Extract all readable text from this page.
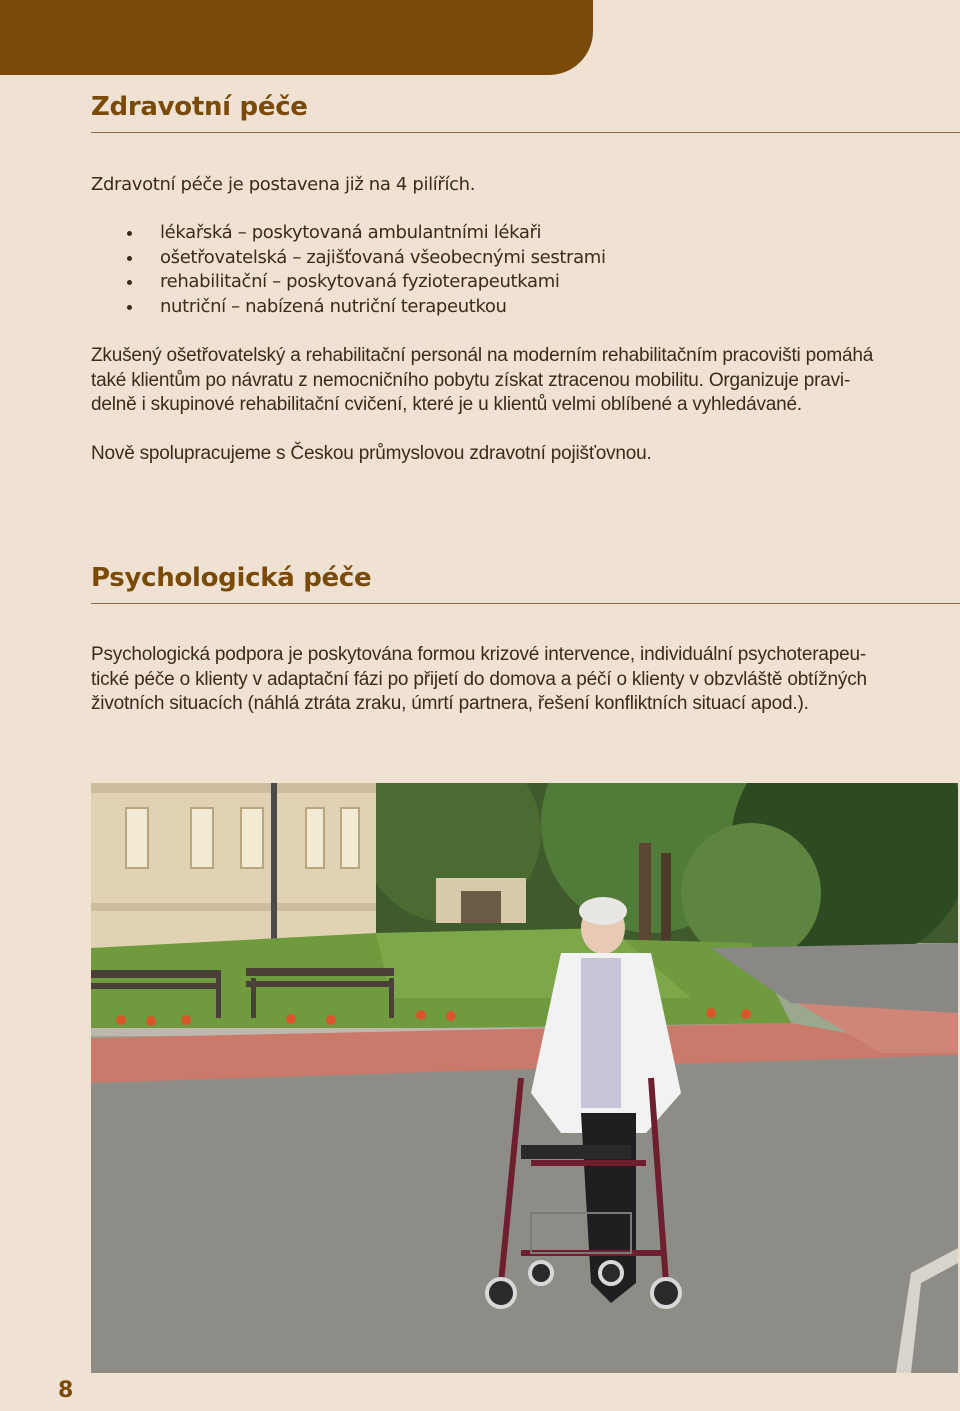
Zdravotní péče

Zdravotní péče je postavena již na 4 pilířích.

lékařská – poskytovaná ambulantními lékaři
ošetřovatelská – zajišťovaná všeobecnými sestrami
rehabilitační – poskytovaná fyzioterapeutkami
nutriční – nabízená nutriční terapeutkou
Zkušený ošetřovatelský a rehabilitační personál na moderním rehabilitačním pracovišti pomáhá
také klientům po návratu z nemocničního pobytu získat ztracenou mobilitu. Organizuje pravi-
delně i skupinové rehabilitační cvičení, které je u klientů velmi oblíbené a vyhledávané.

Nově spolupracujeme s Českou průmyslovou zdravotní pojišťovnou.

Psychologická péče
Psychologická podpora je poskytována formou krizové intervence, individuální psychoterapeu-
tické péče o klienty v adaptační fázi po přijetí do domova a péčí o klienty v obzvláště obtížných
životních situacích (náhlá ztráta zraku, úmrtí partnera, řešení konfliktních situací apod.).
8
